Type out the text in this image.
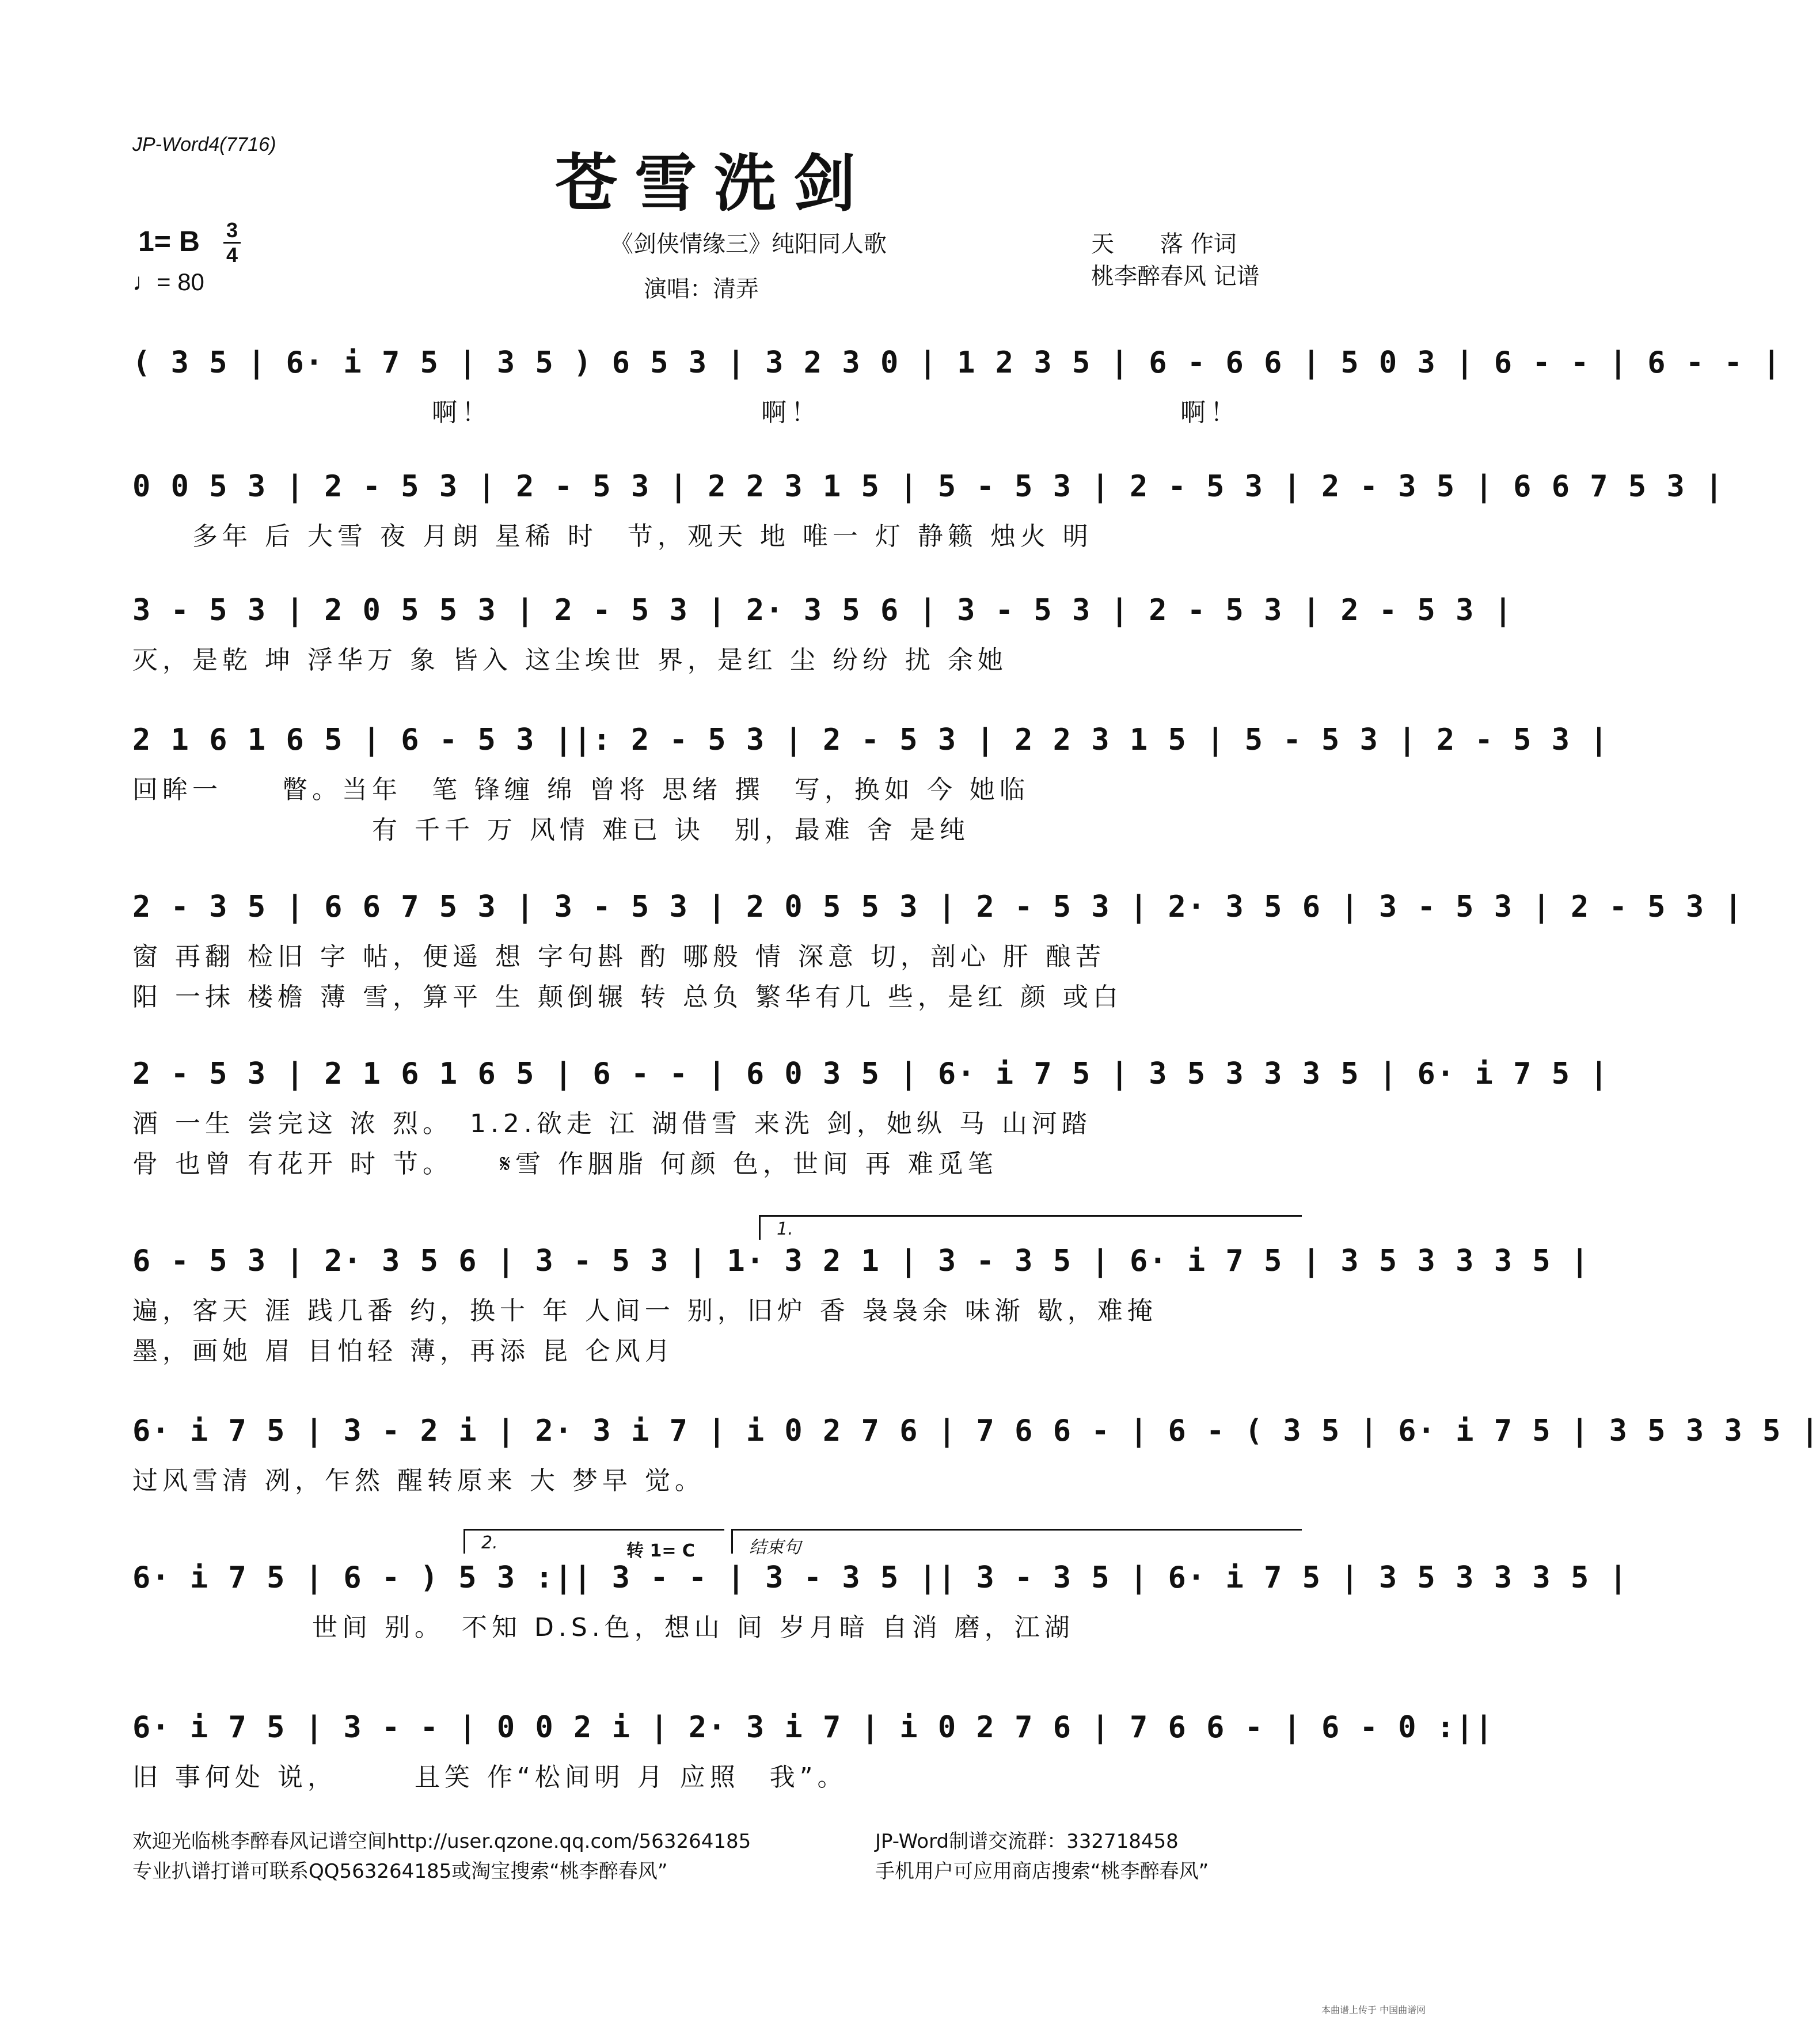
JP-Word4(7716)
苍雪洗剑
1= B 3
4
♩= 80
《剑侠情缘三》纯阳同人歌
演唱：清弄
天　　落 作词
桃李醉春风 记谱
( 3 5 | 6· i 7 5 | 3 5 ) 6 5 3 | 3 2 3 0 | 1 2 3 5 | 6 - 6 6 | 5 0 3 | 6 - - | 6 - - |
　　　　　　　　　　啊！　　　　　　　　　啊！　　　　　　　　　　　　啊！
0 0 5 3 | 2 - 5 3 | 2 - 5 3 | 2 2 3 1 5 | 5 - 5 3 | 2 - 5 3 | 2 - 3 5 | 6 6 7 5 3 |
　　多年 后 大雪 夜 月朗 星稀 时　节，观天 地 唯一 灯 静籁 烛火 明
3 - 5 3 | 2 0 5 5 3 | 2 - 5 3 | 2· 3 5 6 | 3 - 5 3 | 2 - 5 3 | 2 - 5 3 |
灭，是乾 坤 浮华万 象 皆入 这尘埃世 界，是红 尘 纷纷 扰 余她
2 1 6 1 6 5 | 6 - 5 3 ||: 2 - 5 3 | 2 - 5 3 | 2 2 3 1 5 | 5 - 5 3 | 2 - 5 3 |
回眸一　　瞥。当年　笔 锋缠 绵 曾将 思绪 撰　写，换如 今 她临
　　　　　　　　有 千千 万 风情 难已 诀　别，最难 舍 是纯
2 - 3 5 | 6 6 7 5 3 | 3 - 5 3 | 2 0 5 5 3 | 2 - 5 3 | 2· 3 5 6 | 3 - 5 3 | 2 - 5 3 |
窗 再翻 检旧 字 帖，便遥 想 字句斟 酌 哪般 情 深意 切，剖心 肝 酿苦
阳 一抹 楼檐 薄 雪，算平 生 颠倒辗 转 总负 繁华有几 些，是红 颜 或白
2 - 5 3 | 2 1 6 1 6 5 | 6 - - | 6 0 3 5 | 6· i 7 5 | 3 5 3 3 3 5 | 6· i 7 5 |
酒 一生 尝完这 浓 烈。　1.2.欲走 江 湖借雪 来洗 剑，她纵 马 山河踏
骨 也曾 有花开 时 节。　　𝄋雪 作胭脂 何颜 色，世间 再 难觅笔
1.
6 - 5 3 | 2· 3 5 6 | 3 - 5 3 | 1· 3 2 1 | 3 - 3 5 | 6· i 7 5 | 3 5 3 3 3 5 |
遍，客天 涯 践几番 约，换十 年 人间一 别，旧炉 香 袅袅余 味渐 歇，难掩
墨，画她 眉 目怕轻 薄，再添 昆 仑风月
6· i 7 5 | 3 - 2 i | 2· 3 i 7 | i 0 2 7 6 | 7 6 6 - | 6 - ( 3 5 | 6· i 7 5 | 3 5 3 3 5 |
过风雪清 冽，乍然 醒转原来 大 梦早 觉。
2.	转 1= C	结束句
6· i 7 5 | 6 - ) 5 3 :|| 3 - - | 3 - 3 5 || 3 - 3 5 | 6· i 7 5 | 3 5 3 3 3 5 |
　　　　　　世间 别。　不知 D.S.色，想山 间 岁月暗 自消 磨，江湖
6· i 7 5 | 3 - - | 0 0 2 i | 2· 3 i 7 | i 0 2 7 6 | 7 6 6 - | 6 - 0 :||
旧 事何处 说，　　　且笑 作“松间明 月 应照　我”。
欢迎光临桃李醉春风记谱空间http://user.qzone.qq.com/563264185	JP-Word制谱交流群：332718458
专业扒谱打谱可联系QQ563264185或淘宝搜索“桃李醉春风”	手机用户可应用商店搜索“桃李醉春风”
本曲谱上传于 中国曲谱网
